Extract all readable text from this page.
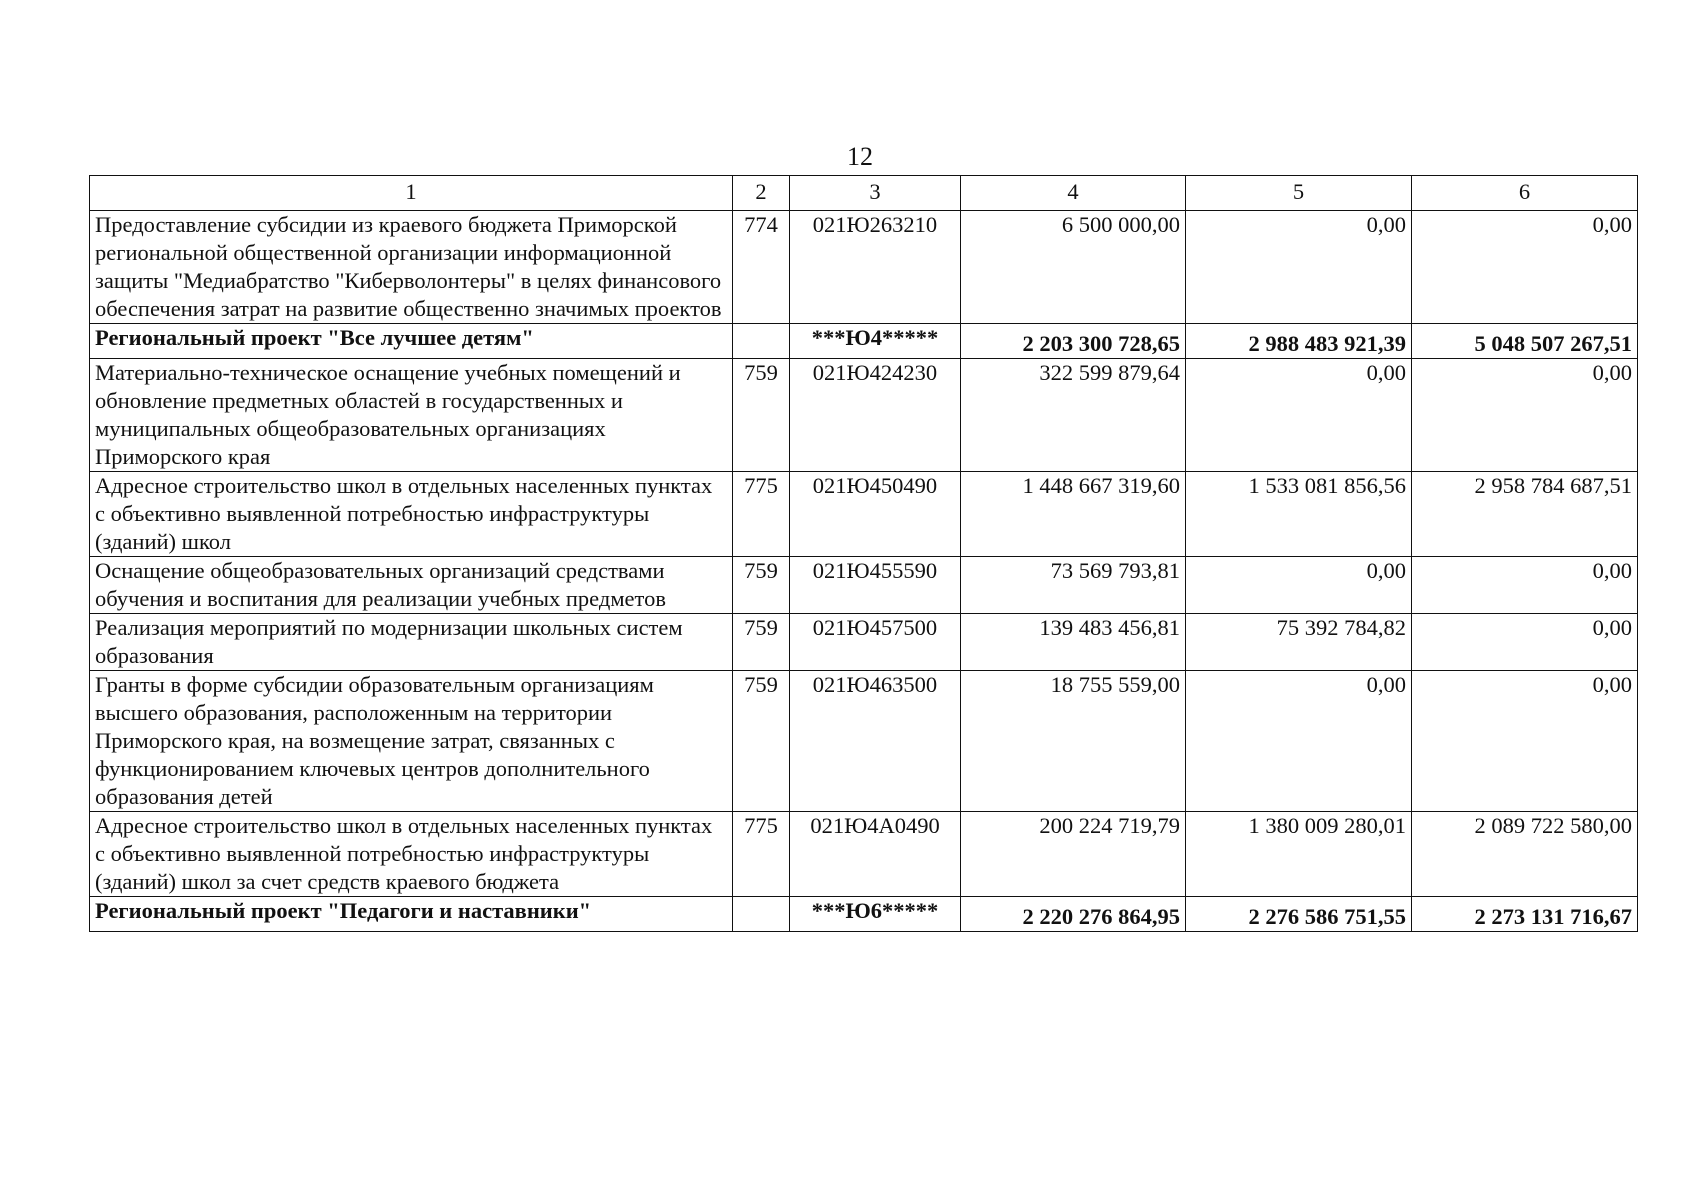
12
1	2	3	4	5	6
Предоставление субсидии из краевого бюджета Приморской региональной общественной организации информационной защиты "Медиабратство "Киберволонтеры" в целях финансового обеспечения затрат на развитие общественно значимых проектов	774	021Ю263210	6 500 000,00	0,00	0,00
Региональный проект "Все лучшее детям"		***Ю4*****	2 203 300 728,65	2 988 483 921,39	5 048 507 267,51
Материально-техническое оснащение учебных помещений и обновление предметных областей в государственных и муниципальных общеобразовательных организациях Приморского края	759	021Ю424230	322 599 879,64	0,00	0,00
Адресное строительство школ в отдельных населенных пунктах с объективно выявленной потребностью инфраструктуры (зданий) школ	775	021Ю450490	1 448 667 319,60	1 533 081 856,56	2 958 784 687,51
Оснащение общеобразовательных организаций средствами обучения и воспитания для реализации учебных предметов	759	021Ю455590	73 569 793,81	0,00	0,00
Реализация мероприятий по модернизации школьных систем образования	759	021Ю457500	139 483 456,81	75 392 784,82	0,00
Гранты в форме субсидии образовательным организациям высшего образования, расположенным на территории Приморского края, на возмещение затрат, связанных с функционированием ключевых центров дополнительного образования детей	759	021Ю463500	18 755 559,00	0,00	0,00
Адресное строительство школ в отдельных населенных пунктах с объективно выявленной потребностью инфраструктуры (зданий) школ за счет средств краевого бюджета	775	021Ю4А0490	200 224 719,79	1 380 009 280,01	2 089 722 580,00
Региональный проект "Педагоги и наставники"		***Ю6*****	2 220 276 864,95	2 276 586 751,55	2 273 131 716,67
